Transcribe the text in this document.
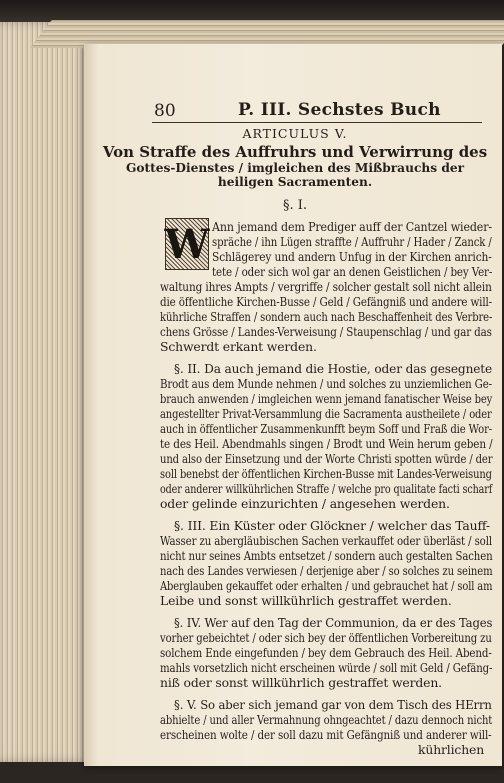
80	P. III. Sechstes Buch
ARTICULUS V.
Von Straffe des Auffruhrs und Verwirrung des
Gottes-Dienstes / imgleichen des Mißbrauchs der
heiligen Sacramenten.
§. I.
W Ann jemand dem Prediger auff der Cantzel wieder-
spräche / ihn Lügen straffte / Auffruhr / Hader / Zanck /
Schlägerey und andern Unfug in der Kirchen anrich-
tete / oder sich wol gar an denen Geistlichen / bey Ver-
waltung ihres Ampts / vergriffe / solcher gestalt soll nicht allein
die öffentliche Kirchen-Busse / Geld / Gefängniß und andere will-
kührliche Straffen / sondern auch nach Beschaffenheit des Verbre-
chens Grösse / Landes-Verweisung / Staupenschlag / und gar das
Schwerdt erkant werden.
§. II. Da auch jemand die Hostie, oder das gesegnete
Brodt aus dem Munde nehmen / und solches zu unziemlichen Ge-
brauch anwenden / imgleichen wenn jemand fanatischer Weise bey
angestellter Privat-Versammlung die Sacramenta austheilete / oder
auch in öffentlicher Zusammenkunfft beym Soff und Fraß die Wor-
te des Heil. Abendmahls singen / Brodt und Wein herum geben /
und also der Einsetzung und der Worte Christi spotten würde / der
soll benebst der öffentlichen Kirchen-Busse mit Landes-Verweisung
oder anderer willkührlichen Straffe / welche pro qualitate facti scharf
oder gelinde einzurichten / angesehen werden.
§. III. Ein Küster oder Glöckner / welcher das Tauff-
Wasser zu abergläubischen Sachen verkauffet oder überläst / soll
nicht nur seines Ambts entsetzet / sondern auch gestalten Sachen
nach des Landes verwiesen / derjenige aber / so solches zu seinem
Aberglauben gekauffet oder erhalten / und gebrauchet hat / soll am
Leibe und sonst willkührlich gestraffet werden.
§. IV. Wer auf den Tag der Communion, da er des Tages
vorher gebeichtet / oder sich bey der öffentlichen Vorbereitung zu
solchem Ende eingefunden / bey dem Gebrauch des Heil. Abend-
mahls vorsetzlich nicht erscheinen würde / soll mit Geld / Gefäng-
niß oder sonst willkührlich gestraffet werden.
§. V. So aber sich jemand gar von dem Tisch des HErrn
abhielte / und aller Vermahnung ohngeachtet / dazu dennoch nicht
erscheinen wolte / der soll dazu mit Gefängniß und anderer will-
kührlichen
